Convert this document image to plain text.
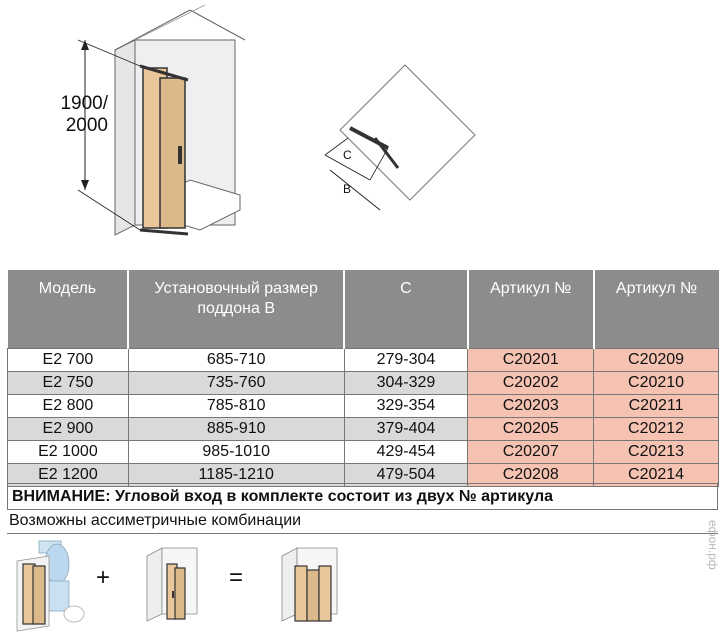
1900/
2000
C
B
Модель	Установочный размер поддона B	C	Артикул №	Артикул №
E2 700	685-710	279-304	C20201	C20209
E2 750	735-760	304-329	C20202	C20210
E2 800	785-810	329-354	C20203	C20211
E2 900	885-910	379-404	C20205	C20212
E2 1000	985-1010	429-454	C20207	C20213
E2 1200	1185-1210	479-504	C20208	C20214
ВНИМАНИЕ: Угловой вход в комплекте состоит из двух № артикула
Возможны ассиметричные комбинации
+	=
ефон.рф
